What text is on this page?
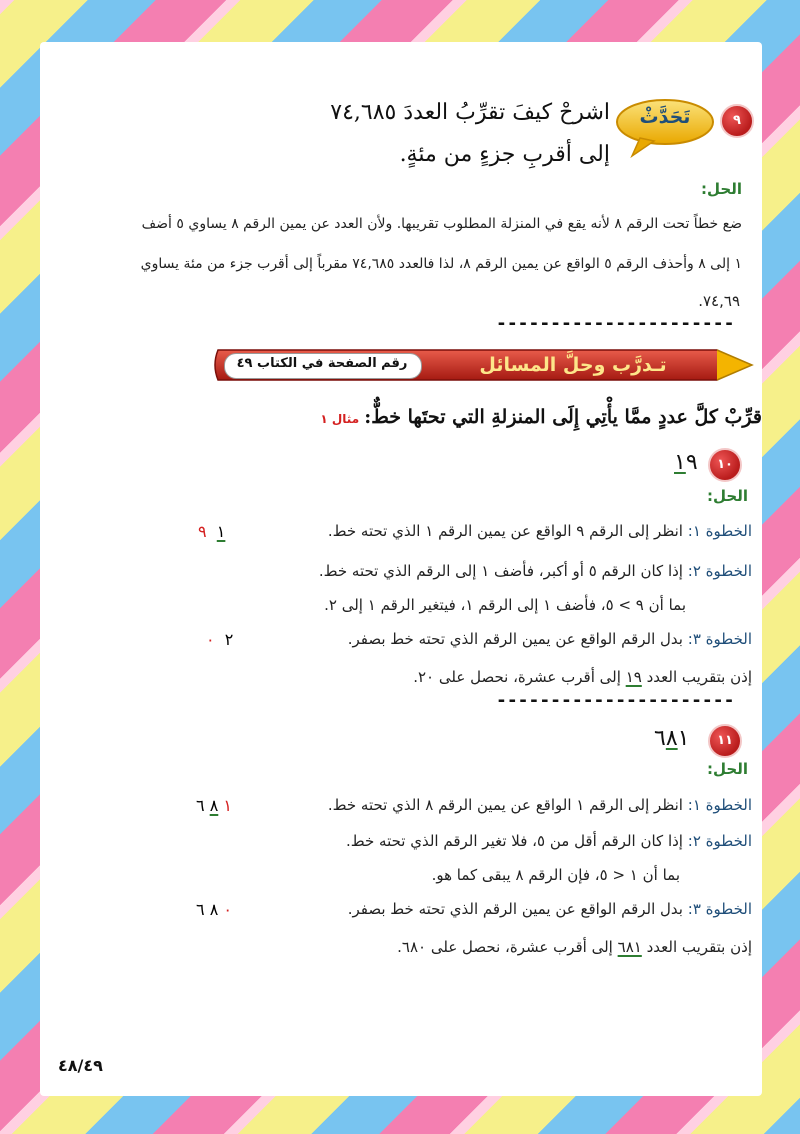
٩
تَحَدَّثْ
اشرحْ كيفَ تقرِّبُ العددَ ٧٤,٦٨٥
إلى أقربِ جزءٍ من مئةٍ.
الحل:
ضع خطاً تحت الرقم ٨ لأنه يقع في المنزلة المطلوب تقريبها. ولأن العدد عن يمين الرقم ٨ يساوي ٥ أضف
١ إلى ٨ وأحذف الرقم ٥ الواقع عن يمين الرقم ٨، لذا فالعدد ٧٤,٦٨٥ مقرباً إلى أقرب جزء من مئة يساوي
٧٤,٦٩.
----------------------
رقم الصفحة في الكتاب ٤٩	تـدرَّب وحلَّ المسائل
قرِّبْ كلَّ عددٍ ممَّا يأْتِي إِلَى المنزلةِ التي تحتَها خطٌّ: مثال ١
١٠
١٩
الحل:
الخطوة ١: انظر إلى الرقم ٩ الواقع عن يمين الرقم ١ الذي تحته خط.
١  ٩
الخطوة ٢: إذا كان الرقم ٥ أو أكبر، فأضف ١ إلى الرقم الذي تحته خط.
بما أن ٩ > ٥، فأضف ١ إلى الرقم ١، فيتغير الرقم ١ إلى ٢.
الخطوة ٣: بدل الرقم الواقع عن يمين الرقم الذي تحته خط بصفر.
٢  ٠
إذن بتقريب العدد ١٩ إلى أقرب عشرة، نحصل على ٢٠.
----------------------
١١
٦٨١
الحل:
الخطوة ١: انظر إلى الرقم ١ الواقع عن يمين الرقم ٨ الذي تحته خط.
٦ ٨ ١
الخطوة ٢: إذا كان الرقم أقل من ٥، فلا تغير الرقم الذي تحته خط.
بما أن ١ < ٥، فإن الرقم ٨ يبقى كما هو.
الخطوة ٣: بدل الرقم الواقع عن يمين الرقم الذي تحته خط بصفر.
٦ ٨ ٠
إذن بتقريب العدد ٦٨١ إلى أقرب عشرة، نحصل على ٦٨٠.
٤٨/٤٩
